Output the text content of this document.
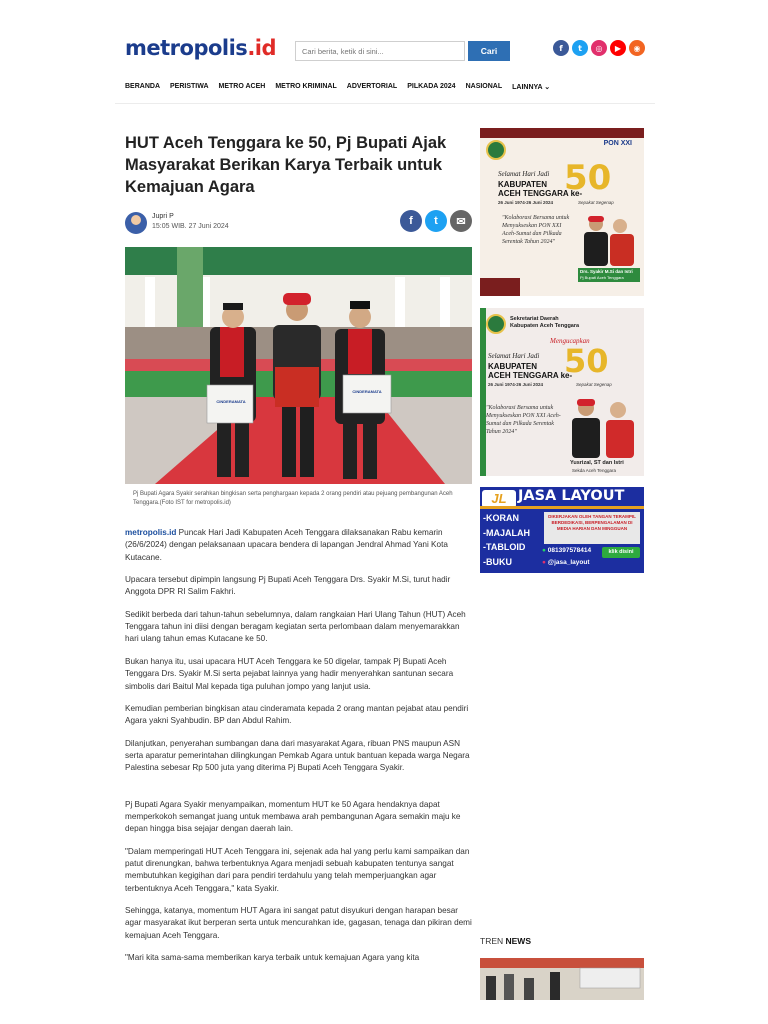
metropolis.id
Cari berita, ketik di sini...	Cari	f	t	◎	▶	◉
BERANDA PERISTIWA METRO ACEH METRO KRIMINAL ADVERTORIAL PILKADA 2024 NASIONAL LAINNYA ⌄
HUT Aceh Tenggara ke 50, Pj Bupati Ajak Masyarakat Berikan Karya Terbaik untuk Kemajuan Agara
Jupri P
15:05 WIB. 27 Juni 2024	f	t	✉
CINDERAMATA
CINDERAMATA
Pj Bupati Agara Syakir serahkan bingkisan serta penghargaan kepada 2 orang pendiri atau pejuang pembangunan Aceh Tenggara.(Foto IST for metropolis.id)

metropolis.id Puncak Hari Jadi Kabupaten Aceh Tenggara dilaksanakan Rabu kemarin (26/6/2024) dengan pelaksanaan upacara bendera di lapangan Jendral Ahmad Yani Kota Kutacane.

Upacara tersebut dipimpin langsung Pj Bupati Aceh Tenggara Drs. Syakir M.Si, turut hadir Anggota DPR RI Salim Fakhri.

Sedikit berbeda dari tahun-tahun sebelumnya, dalam rangkaian Hari Ulang Tahun (HUT) Aceh Tenggara tahun ini diisi dengan beragam kegiatan serta perlombaan dalam menyemarakkan hari ulang tahun emas Kutacane ke 50.

Bukan hanya itu, usai upacara HUT Aceh Tenggara ke 50 digelar, tampak Pj Bupati Aceh Tenggara Drs. Syakir M.Si serta pejabat lainnya yang hadir menyerahkan santunan secara simbolis dari Baitul Mal kepada tiga puluhan jompo yang lanjut usia.

Kemudian pemberian bingkisan atau cinderamata kepada 2 orang mantan pejabat atau pendiri Agara yakni Syahbudin. BP dan Abdul Rahim.

Dilanjutkan, penyerahan sumbangan dana dari masyarakat Agara, ribuan PNS maupun ASN serta aparatur pemerintahan dilingkungan Pemkab Agara untuk bantuan kepada warga Negara Palestina sebesar Rp 500 juta yang diterima Pj Bupati Aceh Tenggara Syakir.

Pj Bupati Agara Syakir menyampaikan, momentum HUT ke 50 Agara hendaknya dapat memperkokoh semangat juang untuk membawa arah pembangunan Agara semakin maju ke depan hingga bisa sejajar dengan daerah lain.

"Dalam memperingati HUT Aceh Tenggara ini, sejenak ada hal yang perlu kami sampaikan dan patut direnungkan, bahwa terbentuknya Agara menjadi sebuah kabupaten tentunya sangat membutuhkan kegigihan dari para pendiri terdahulu yang telah memperjuangkan agar terbentuknya Aceh Tenggara," kata Syakir.

Sehingga, katanya, momentum HUT Agara ini sangat patut disyukuri dengan harapan besar agar masyarakat ikut berperan serta untuk mencurahkan ide, gagasan, tenaga dan pikiran demi kemajuan Aceh Tenggara.

"Mari kita sama-sama memberikan karya terbaik untuk kemajuan Agara yang kita

PON XXI
Selamat Hari Jadi
KABUPATEN
ACEH TENGGARA ke-
50
26 Juni 1974-26 Juni 2024	Sepakat Segenap
"Kolaborasi Bersama untuk Menyukseskan PON XXI Aceh-Sumut dan Pilkada Serentak Tahun 2024"
Drs. Syakir M.Si dan Istri
Pj Bupati Aceh Tenggara
Sekretariat Daerah
Kabupaten Aceh Tenggara
Mengucapkan
Selamat Hari Jadi
KABUPATEN
ACEH TENGGARA ke-
50
26 Juni 1974-26 Juni 2024	Sepakat Segenap
"Kolaborasi Bersama untuk Menyukseskan PON XXI Aceh-Sumut dan Pilkada Serentak Tahun 2024"
Yusrizal, ST dan Istri
Sekda Aceh Tenggara
JL JASA LAYOUT
-KORAN
-MAJALAH
-TABLOID
-BUKU
DIKERJAKAN OLEH TANGAN TERAMPIL BERDEDIKASI, BERPENGALAMAN DI MEDIA HARIAN DAN MINGGUAN
● 081397578414
● @jasa_layout
klik disini
TREN NEWS
